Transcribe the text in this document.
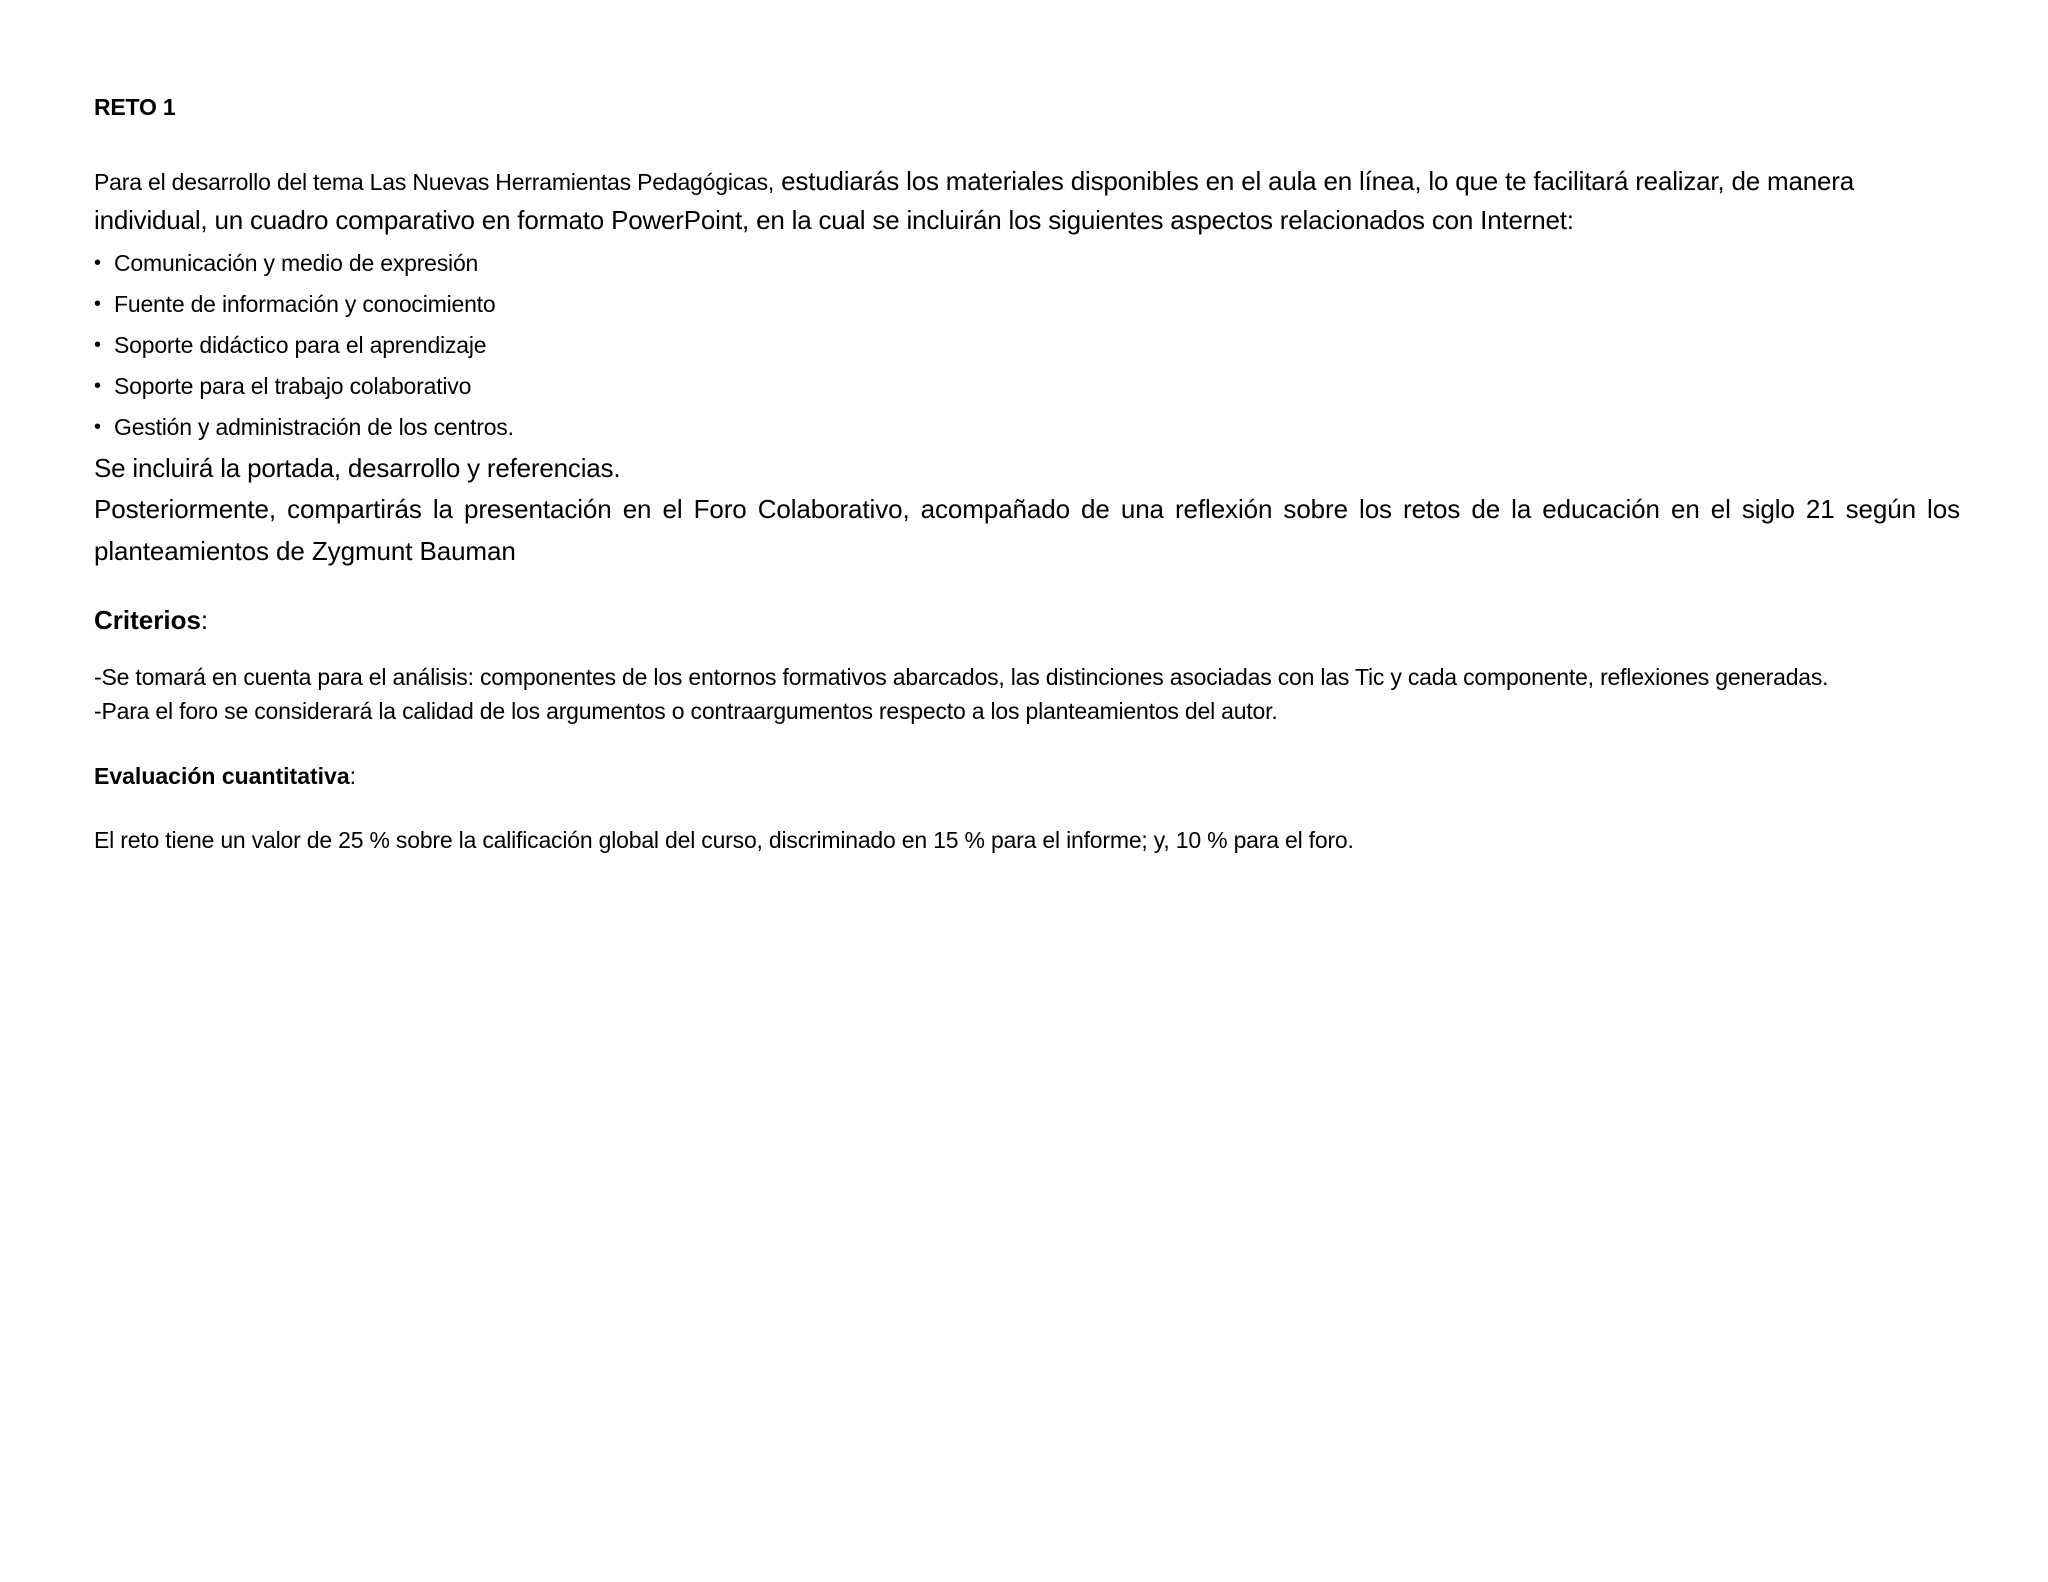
RETO 1
Para el desarrollo del tema Las Nuevas Herramientas Pedagógicas, estudiarás los materiales disponibles en el aula en línea, lo que te facilitará realizar, de manera individual, un cuadro comparativo en formato PowerPoint, en la cual se incluirán los siguientes aspectos relacionados con Internet:
• Comunicación y medio de expresión
• Fuente de información y conocimiento
• Soporte didáctico para el aprendizaje
• Soporte para el trabajo colaborativo
• Gestión y administración de los centros.
Se incluirá la portada, desarrollo y referencias.
Posteriormente, compartirás la presentación en el Foro Colaborativo, acompañado de una reflexión sobre los retos de la educación en el siglo 21 según los planteamientos de Zygmunt Bauman
Criterios:
-Se tomará en cuenta para el análisis: componentes de los entornos formativos abarcados, las distinciones asociadas con las Tic y cada componente, reflexiones generadas.
-Para el foro se considerará la calidad de los argumentos o contraargumentos respecto a los planteamientos del autor.
Evaluación cuantitativa:
El reto tiene un valor de 25 % sobre la calificación global del curso, discriminado en 15 % para el informe; y, 10 % para el foro.
